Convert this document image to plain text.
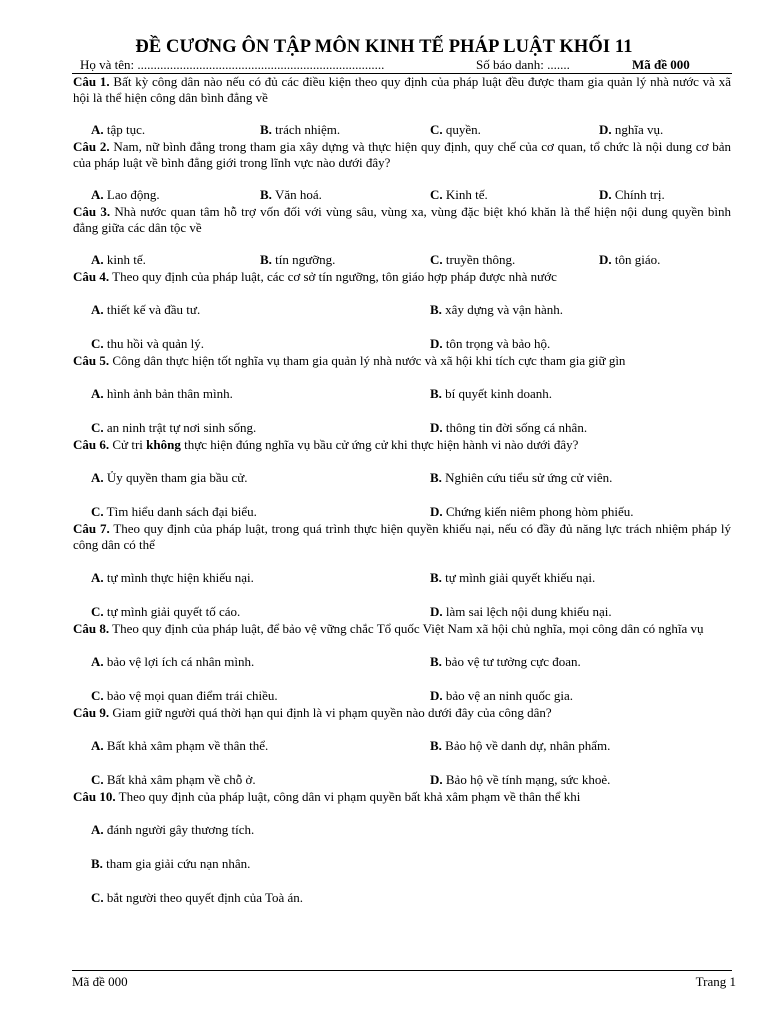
ĐỀ CƯƠNG ÔN TẬP MÔN KINH TẾ PHÁP LUẬT KHỐI 11
Họ và tên: ............................................................................	Số báo danh: .......	Mã đề 000

Câu 1. Bất kỳ công dân nào nếu có đủ các điều kiện theo quy định của pháp luật đều được tham gia quản lý nhà nước và xã hội là thể hiện công dân bình đẳng về

A. tập tục.	B. trách nhiệm.	C. quyền.	D. nghĩa vụ.

Câu 2. Nam, nữ bình đẳng trong tham gia xây dựng và thực hiện quy định, quy chế của cơ quan, tổ chức là nội dung cơ bản của pháp luật về bình đẳng giới trong lĩnh vực nào dưới đây?

A. Lao động.	B. Văn hoá.	C. Kinh tế.	D. Chính trị.

Câu 3. Nhà nước quan tâm hỗ trợ vốn đối với vùng sâu, vùng xa, vùng đặc biệt khó khăn là thể hiện nội dung quyền bình đẳng giữa các dân tộc về

A. kinh tế.	B. tín ngưỡng.	C. truyền thông.	D. tôn giáo.

Câu 4. Theo quy định của pháp luật, các cơ sở tín ngưỡng, tôn giáo hợp pháp được nhà nước

A. thiết kế và đầu tư.	B. xây dựng và vận hành.
C. thu hồi và quản lý.	D. tôn trọng và bảo hộ.

Câu 5. Công dân thực hiện tốt nghĩa vụ tham gia quản lý nhà nước và xã hội khi tích cực tham gia giữ gìn

A. hình ảnh bản thân mình.	B. bí quyết kinh doanh.
C. an ninh trật tự nơi sinh sống.	D. thông tin đời sống cá nhân.

Câu 6. Cử tri không thực hiện đúng nghĩa vụ bầu cử ứng cử khi thực hiện hành vi nào dưới đây?

A. Ủy quyền tham gia bầu cử.	B. Nghiên cứu tiểu sử ứng cử viên.
C. Tìm hiểu danh sách đại biểu.	D. Chứng kiến niêm phong hòm phiếu.

Câu 7. Theo quy định của pháp luật, trong quá trình thực hiện quyền khiếu nại, nếu có đầy đủ năng lực trách nhiệm pháp lý công dân có thể

A. tự mình thực hiện khiếu nại.	B. tự mình giải quyết khiếu nại.
C. tự mình giải quyết tố cáo.	D. làm sai lệch nội dung khiếu nại.

Câu 8. Theo quy định của pháp luật, để bảo vệ vững chắc Tổ quốc Việt Nam xã hội chủ nghĩa, mọi công dân có nghĩa vụ

A. bảo vệ lợi ích cá nhân mình.	B. bảo vệ tư tưởng cực đoan.
C. bảo vệ mọi quan điểm trái chiều.	D. bảo vệ an ninh quốc gia.

Câu 9. Giam giữ người quá thời hạn qui định là vi phạm quyền nào dưới đây của công dân?

A. Bất khả xâm phạm về thân thể.	B. Bảo hộ về danh dự, nhân phẩm.
C. Bất khả xâm phạm về chỗ ở.	D. Bảo hộ về tính mạng, sức khoẻ.

Câu 10. Theo quy định của pháp luật, công dân vi phạm quyền bất khả xâm phạm về thân thể khi

A. đánh người gây thương tích.
B. tham gia giải cứu nạn nhân.
C. bắt người theo quyết định của Toà án.
Mã đề 000	Trang 1
